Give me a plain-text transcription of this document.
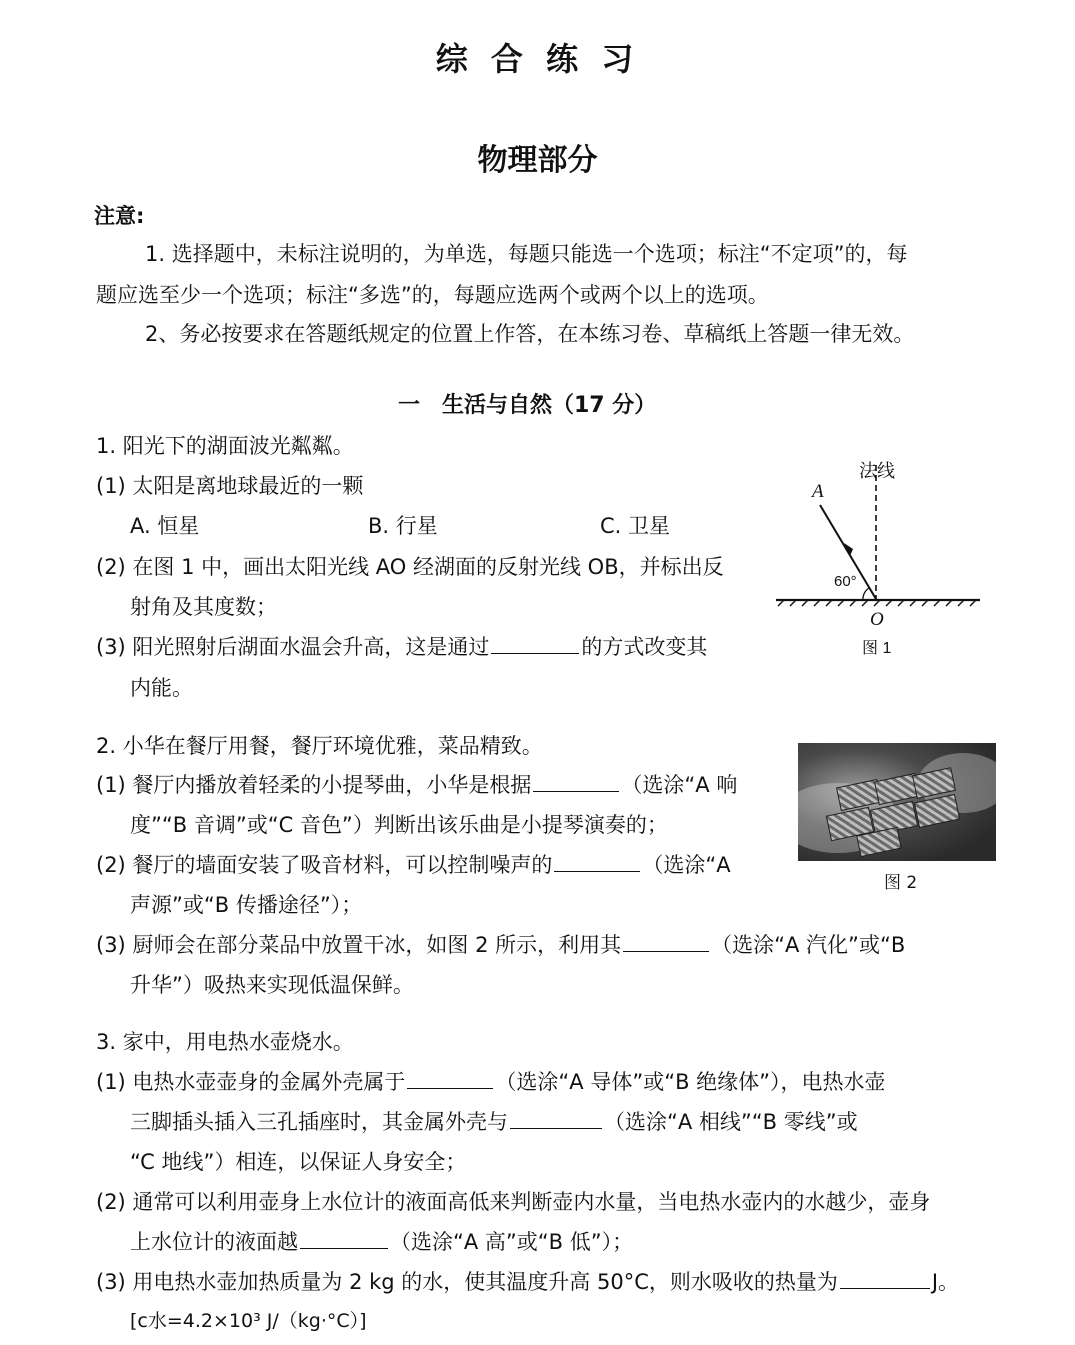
综 合 练 习
物理部分
注意:
1. 选择题中，未标注说明的，为单选，每题只能选一个选项；标注“不定项”的，每
题应选至少一个选项；标注“多选”的，每题应选两个或两个以上的选项。
2、务必按要求在答题纸规定的位置上作答，在本练习卷、草稿纸上答题一律无效。
一　生活与自然（17 分）
1. 阳光下的湖面波光粼粼。
(1) 太阳是离地球最近的一颗
A. 恒星	B. 行星	C. 卫星
(2) 在图 1 中，画出太阳光线 AO 经湖面的反射光线 OB，并标出反
射角及其度数；
(3) 阳光照射后湖面水温会升高，这是通过	的方式改变其
内能。
法线
A
60°
O
图 1
2. 小华在餐厅用餐，餐厅环境优雅，菜品精致。
(1) 餐厅内播放着轻柔的小提琴曲，小华是根据	（选涂“A 响
度”“B 音调”或“C 音色”）判断出该乐曲是小提琴演奏的；
(2) 餐厅的墙面安装了吸音材料，可以控制噪声的	（选涂“A
声源”或“B 传播途径”）；
(3) 厨师会在部分菜品中放置干冰，如图 2 所示，利用其	（选涂“A 汽化”或“B
升华”）吸热来实现低温保鲜。
图 2
3. 家中，用电热水壶烧水。
(1) 电热水壶壶身的金属外壳属于	（选涂“A 导体”或“B 绝缘体”），电热水壶
三脚插头插入三孔插座时，其金属外壳与	（选涂“A 相线”“B 零线”或
“C 地线”）相连，以保证人身安全；
(2) 通常可以利用壶身上水位计的液面高低来判断壶内水量，当电热水壶内的水越少，壶身
上水位计的液面越	（选涂“A 高”或“B 低”）；
(3) 用电热水壶加热质量为 2 kg 的水，使其温度升高 50°C，则水吸收的热量为	J。
[c水=4.2×10³ J/（kg·°C）]
